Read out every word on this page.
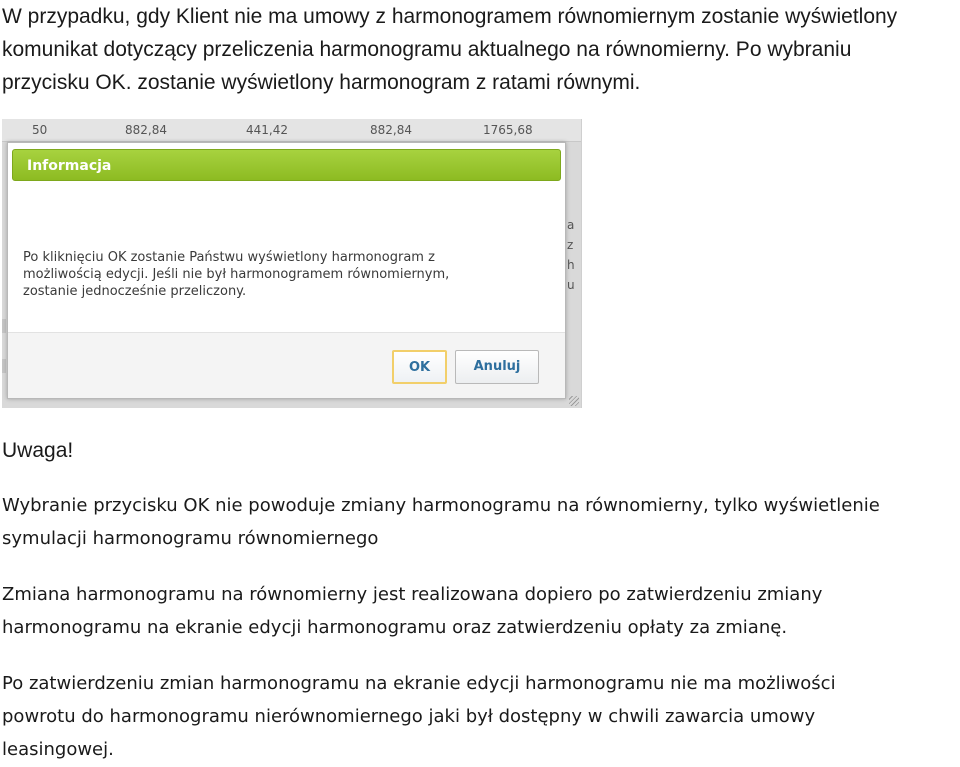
W przypadku, gdy Klient nie ma umowy z harmonogramem równomiernym zostanie wyświetlony
komunikat dotyczący przeliczenia harmonogramu aktualnego na równomierny. Po wybraniu
przycisku OK. zostanie wyświetlony harmonogram z ratami równymi.

50	882,84	441,42	882,84	1765,68
a
z
h u
Informacja
Po kliknięciu OK zostanie Państwu wyświetlony harmonogram z
możliwością edycji. Jeśli nie był harmonogramem równomiernym,
zostanie jednocześnie przeliczony.
OK	Anuluj
Uwaga!

Wybranie przycisku OK nie powoduje zmiany harmonogramu na równomierny, tylko wyświetlenie
symulacji harmonogramu równomiernego

Zmiana harmonogramu na równomierny jest realizowana dopiero po zatwierdzeniu zmiany
harmonogramu na ekranie edycji harmonogramu oraz zatwierdzeniu opłaty za zmianę.

Po zatwierdzeniu zmian harmonogramu na ekranie edycji harmonogramu nie ma możliwości
powrotu do harmonogramu nierównomiernego jaki był dostępny w chwili zawarcia umowy
leasingowej.
